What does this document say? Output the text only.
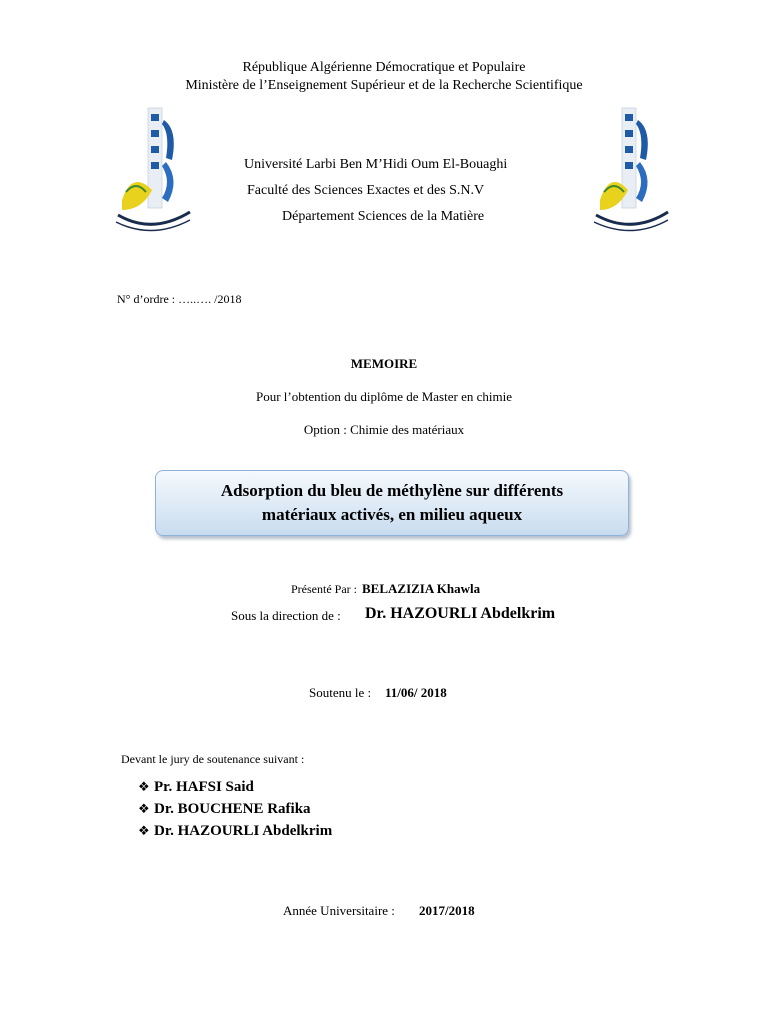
République Algérienne Démocratique et Populaire
Ministère de l’Enseignement Supérieur et de la Recherche Scientifique
Université Larbi Ben M’Hidi Oum El-Bouaghi
Faculté des Sciences Exactes et des S.N.V
Département Sciences de la Matière
N° d’ordre : …..…. /2018
MEMOIRE
Pour l’obtention du diplôme de Master en chimie
Option : Chimie des matériaux
Adsorption du bleu de méthylène sur différents
matériaux activés, en milieu aqueux
Présenté Par : BELAZIZIA Khawla
Sous la direction de : Dr. HAZOURLI Abdelkrim
Soutenu le : 11/06/ 2018
Devant le jury de soutenance suivant :
❖ Pr. HAFSI Said
❖ Dr. BOUCHENE Rafika
❖ Dr. HAZOURLI Abdelkrim
Année Universitaire : 2017/2018
